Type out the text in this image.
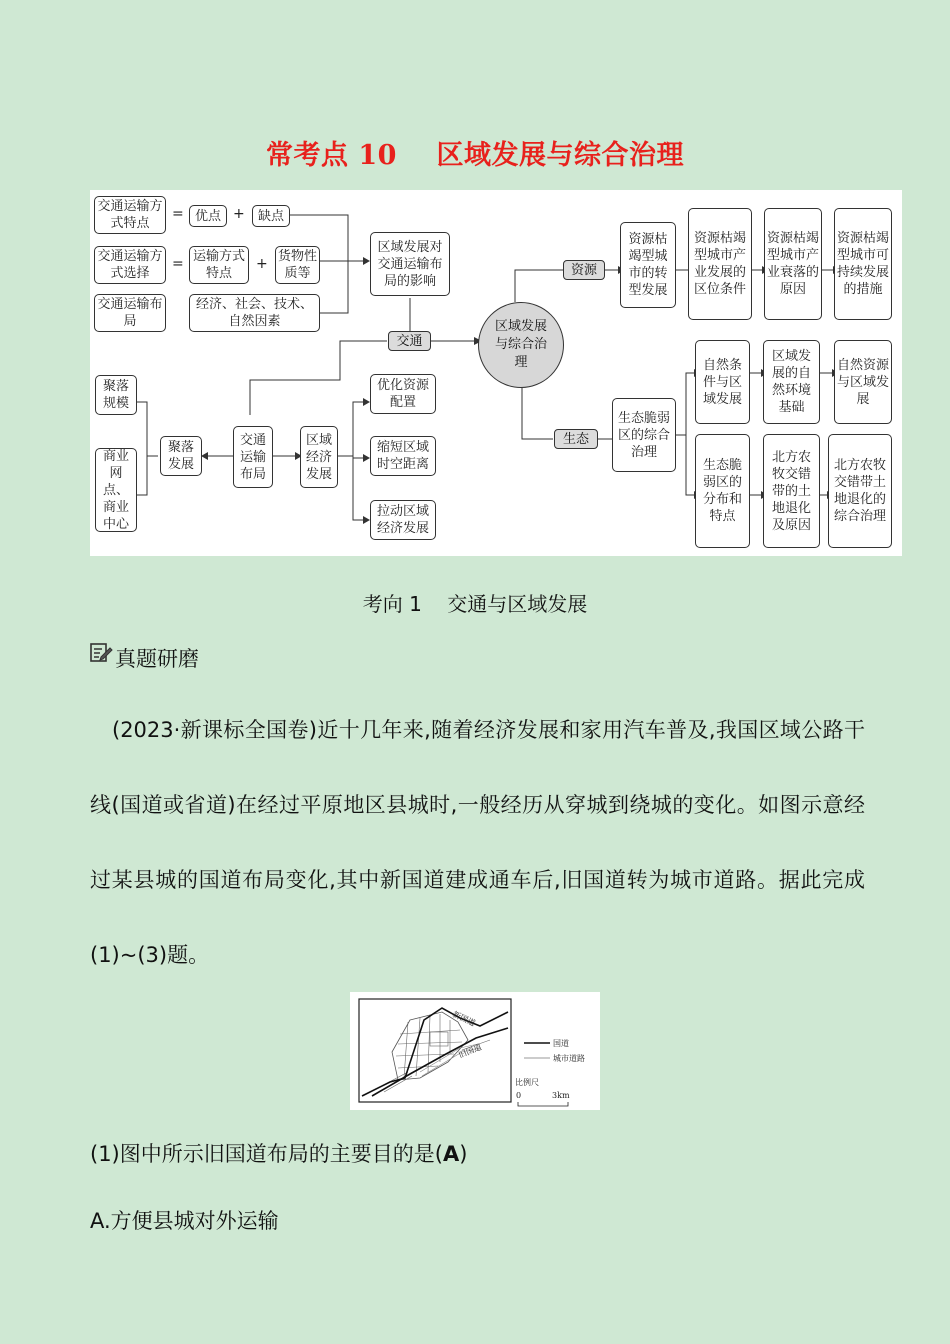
常考点 10    区域发展与综合治理
交通运输方式特点
= 优点 +	缺点
交通运输方式选择
= 运输方式特点
+ 货物性质等
交通运输布局
经济、社会、技术、自然因素
区域发展对交通运输布局的影响
交通
区域发展与综合治理
聚落规模
商业网点、商业中心
聚落发展
交通运输布局
区域经济发展
优化资源配置
缩短区域时空距离
拉动区域经济发展
资源
资源枯竭型城市的转型发展
资源枯竭型城市产业发展的区位条件
资源枯竭型城市产业衰落的原因
资源枯竭型城市可持续发展的措施
生态
生态脆弱区的综合治理
自然条件与区域发展
区域发展的自然环境基础
自然资源与区域发展
生态脆弱区的分布和特点
北方农牧交错带的土地退化及原因
北方农牧交错带土地退化的综合治理
考向 1    交通与区域发展
真题研磨
(2023·新课标全国卷)近十几年来,随着经济发展和家用汽车普及,我国区域公路干线(国道或省道)在经过平原地区县城时,一般经历从穿城到绕城的变化。如图示意经过某县城的国道布局变化,其中新国道建成通车后,旧国道转为城市道路。据此完成(1)~(3)题。
新国道
旧国道	国道
城市道路
比例尺
0	3km
(1)图中所示旧国道布局的主要目的是(A)
A.方便县城对外运输
